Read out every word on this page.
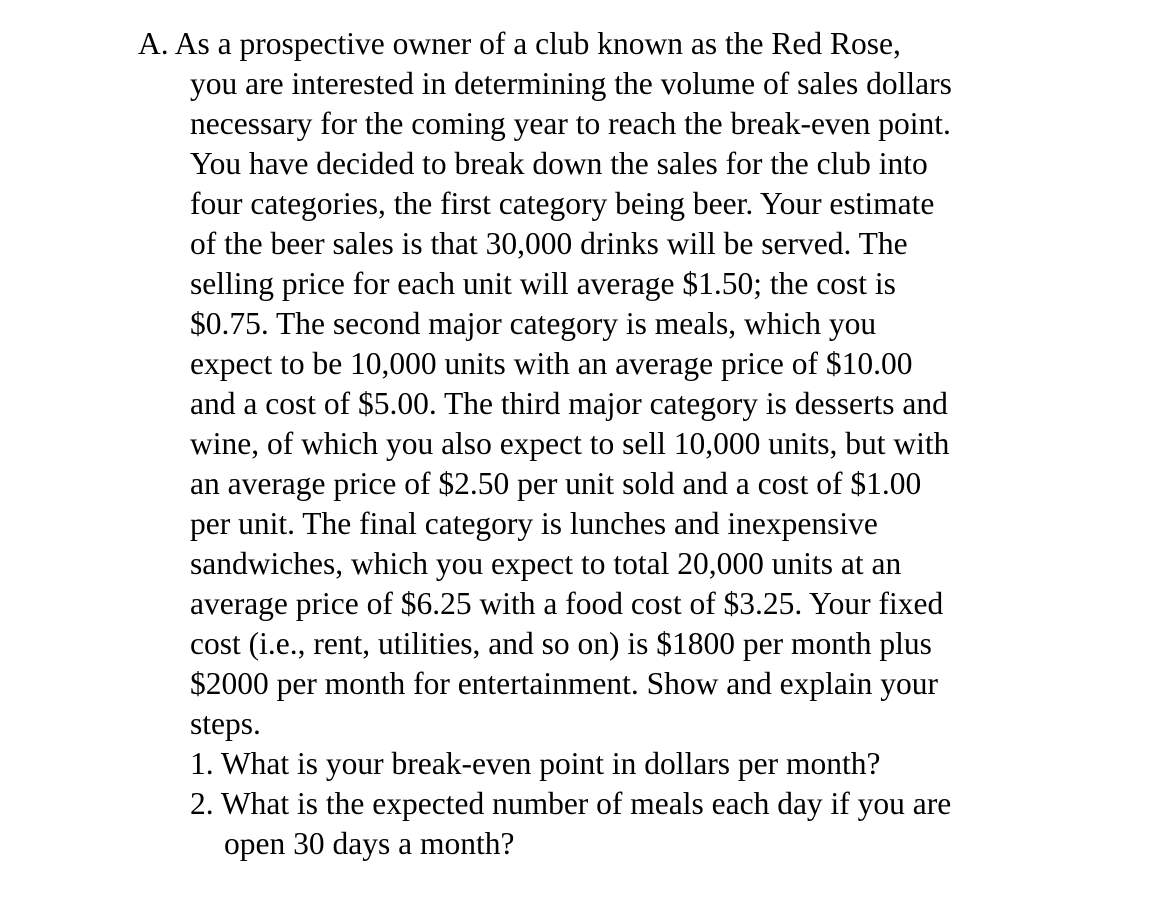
A. As a prospective owner of a club known as the Red Rose,
you are interested in determining the volume of sales dollars
necessary for the coming year to reach the break-even point.
You have decided to break down the sales for the club into
four categories, the first category being beer. Your estimate
of the beer sales is that 30,000 drinks will be served. The
selling price for each unit will average $1.50; the cost is
$0.75. The second major category is meals, which you
expect to be 10,000 units with an average price of $10.00
and a cost of $5.00. The third major category is desserts and
wine, of which you also expect to sell 10,000 units, but with
an average price of $2.50 per unit sold and a cost of $1.00
per unit. The final category is lunches and inexpensive
sandwiches, which you expect to total 20,000 units at an
average price of $6.25 with a food cost of $3.25. Your fixed
cost (i.e., rent, utilities, and so on) is $1800 per month plus
$2000 per month for entertainment. Show and explain your
steps.
1. What is your break-even point in dollars per month?
2. What is the expected number of meals each day if you are
open 30 days a month?
